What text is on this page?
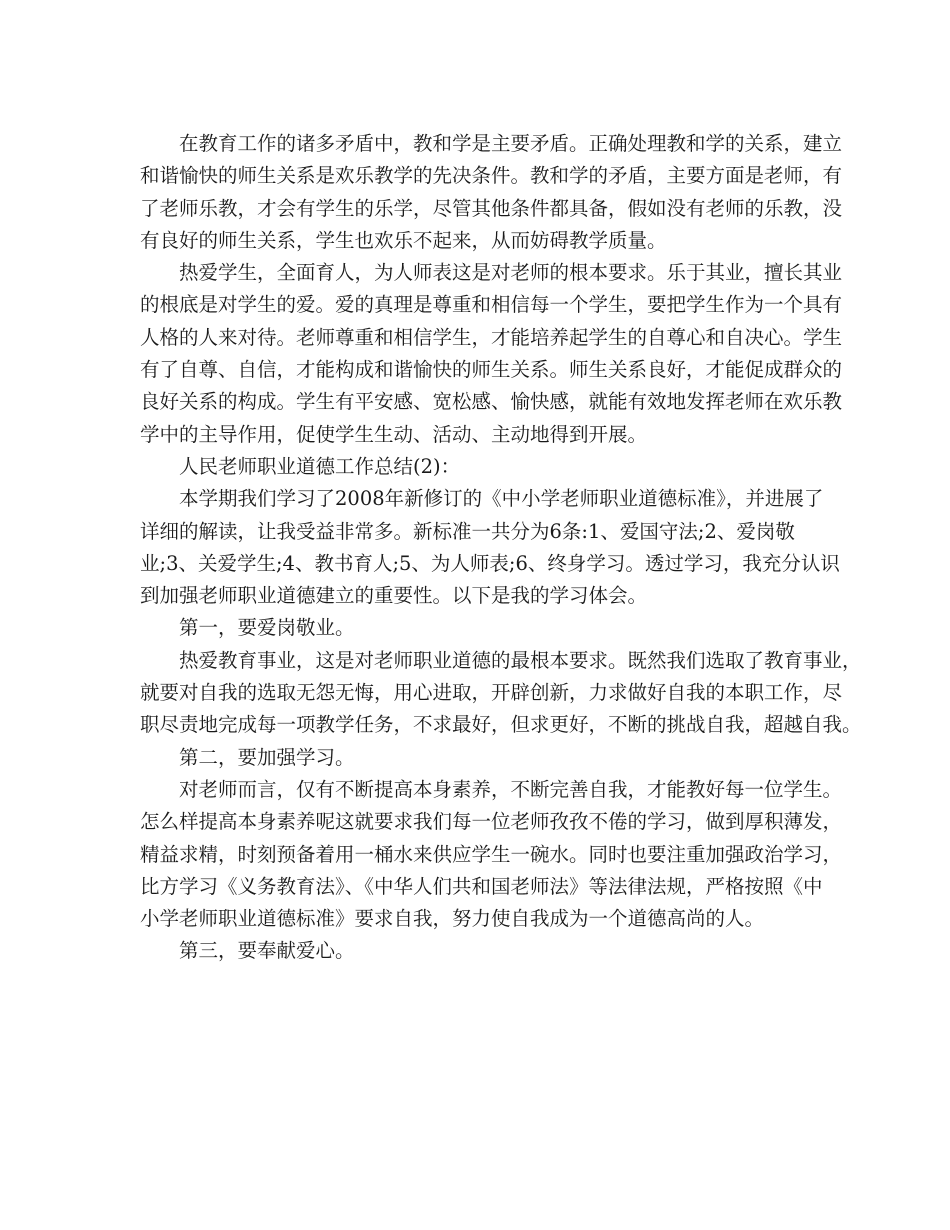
在教育工作的诸多矛盾中，教和学是主要矛盾。正确处理教和学的关系，建立
和谐愉快的师生关系是欢乐教学的先决条件。教和学的矛盾，主要方面是老师，有
了老师乐教，才会有学生的乐学，尽管其他条件都具备，假如没有老师的乐教，没
有良好的师生关系，学生也欢乐不起来，从而妨碍教学质量。
热爱学生，全面育人，为人师表这是对老师的根本要求。乐于其业，擅长其业
的根底是对学生的爱。爱的真理是尊重和相信每一个学生，要把学生作为一个具有
人格的人来对待。老师尊重和相信学生，才能培养起学生的自尊心和自决心。学生
有了自尊、自信，才能构成和谐愉快的师生关系。师生关系良好，才能促成群众的
良好关系的构成。学生有平安感、宽松感、愉快感，就能有效地发挥老师在欢乐教
学中的主导作用，促使学生生动、活动、主动地得到开展。
人民老师职业道德工作总结(2)：
本学期我们学习了2008年新修订的《中小学老师职业道德标准》，并进展了
详细的解读，让我受益非常多。新标准一共分为6条:1、爱国守法;2、爱岗敬
业;3、关爱学生;4、教书育人;5、为人师表;6、终身学习。透过学习，我充分认识
到加强老师职业道德建立的重要性。以下是我的学习体会。
第一，要爱岗敬业。
热爱教育事业，这是对老师职业道德的最根本要求。既然我们选取了教育事业，
就要对自我的选取无怨无悔，用心进取，开辟创新，力求做好自我的本职工作，尽
职尽责地完成每一项教学任务，不求最好，但求更好，不断的挑战自我，超越自我。
第二，要加强学习。
对老师而言，仅有不断提高本身素养，不断完善自我，才能教好每一位学生。
怎么样提高本身素养呢这就要求我们每一位老师孜孜不倦的学习，做到厚积薄发，
精益求精，时刻预备着用一桶水来供应学生一碗水。同时也要注重加强政治学习，
比方学习《义务教育法》、《中华人们共和国老师法》等法律法规，严格按照《中
小学老师职业道德标准》要求自我，努力使自我成为一个道德高尚的人。
第三，要奉献爱心。
